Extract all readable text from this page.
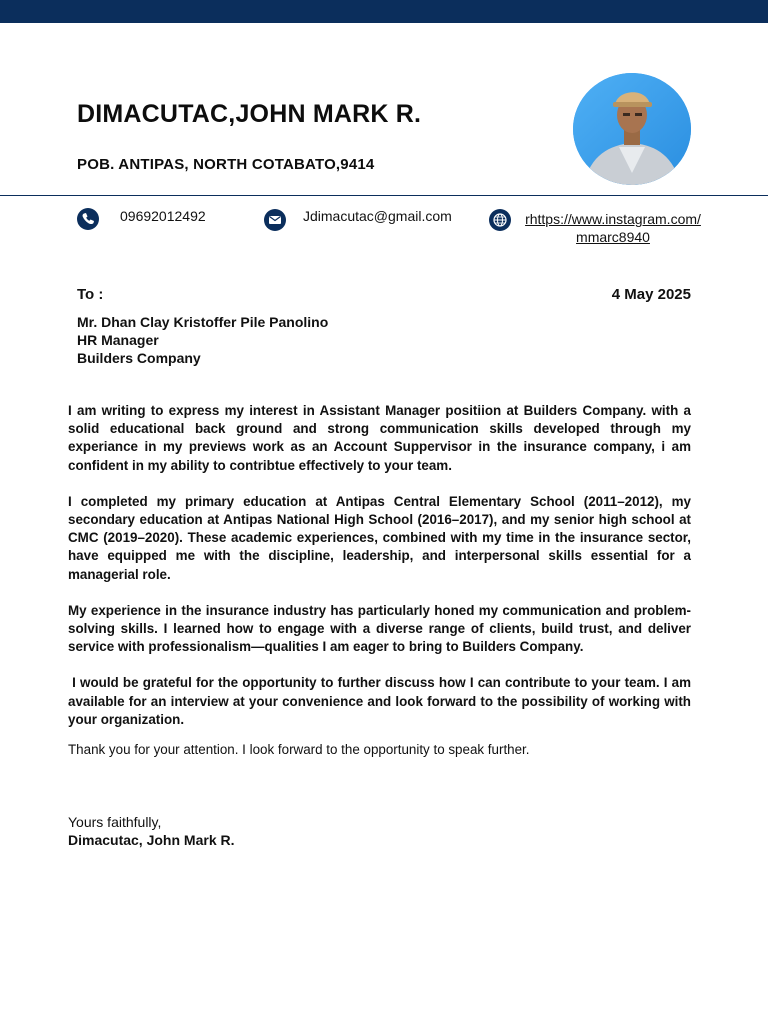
DIMACUTAC,JOHN MARK R.
POB. ANTIPAS, NORTH COTABATO,9414
09692012492	Jdimacutac@gmail.com	rhttps://www.instagram.com/
mmarc8940
To :	4 May 2025
Mr. Dhan Clay Kristoffer Pile Panolino
HR Manager
Builders Company

I am writing to express my interest in Assistant Manager positiion at Builders Company. with a solid educational back ground and strong communication skills developed through my experiance in my previews work as an Account Suppervisor in the insurance company, i am confident in my ability to contribtue effectively to your team.

I completed my primary education at Antipas Central Elementary School (2011–2012), my secondary education at Antipas National High School (2016–2017), and my senior high school at CMC (2019–2020). These academic experiences, combined with my time in the insurance sector, have equipped me with the discipline, leadership, and interpersonal skills essential for a managerial role.

My experience in the insurance industry has particularly honed my communication and problem-solving skills. I learned how to engage with a diverse range of clients, build trust, and deliver service with professionalism—qualities I am eager to bring to Builders Company.

I would be grateful for the opportunity to further discuss how I can contribute to your team. I am available for an interview at your convenience and look forward to the possibility of working with your organization.

Thank you for your attention. I look forward to the opportunity to speak further.

Yours faithfully,
Dimacutac, John Mark R.
